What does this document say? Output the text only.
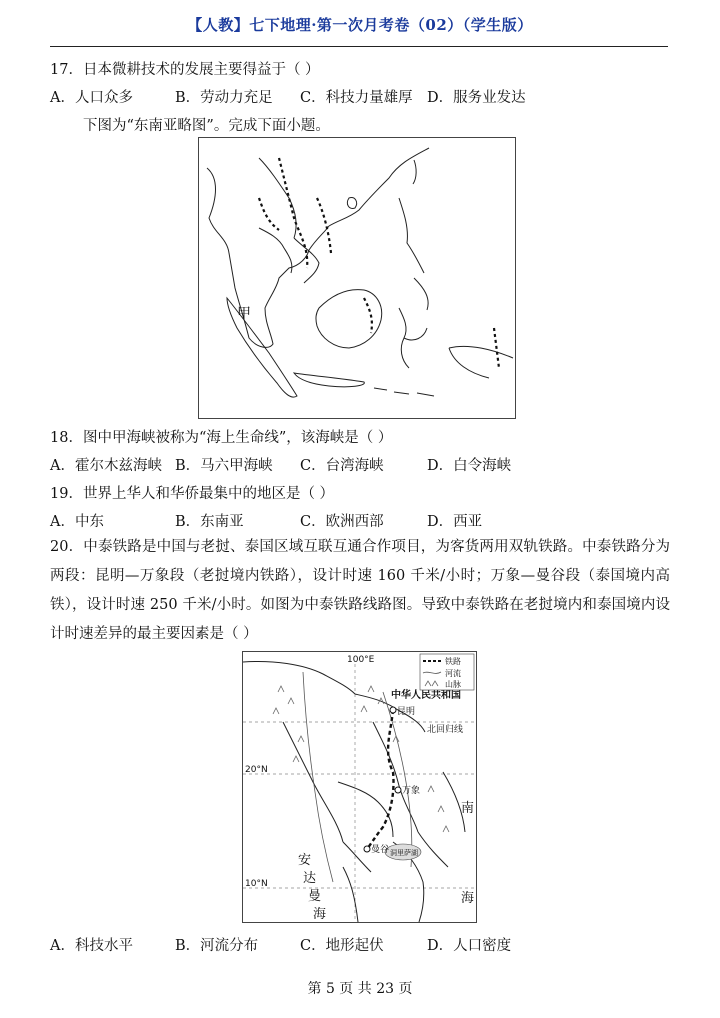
【人教】七下地理·第一次月考卷（02）（学生版）
17．日本微耕技术的发展主要得益于（ ）
A．人口众多	B．劳动力充足 C．科技力量雄厚 D．服务业发达
下图为“东南亚略图”。完成下面小题。
甲
18．图中甲海峡被称为“海上生命线”，该海峡是（ ）
A．霍尔木兹海峡 B．马六甲海峡 C．台湾海峡	D．白令海峡
19．世界上华人和华侨最集中的地区是（ ）
A．中东	B．东南亚	C．欧洲西部	D．西亚
20．中泰铁路是中国与老挝、泰国区域互联互通合作项目，为客货两用双轨铁路。中泰铁路分为两段：昆明—万象段（老挝境内铁路），设计时速 160 千米/小时；万象—曼谷段（泰国境内高铁），设计时速 250 千米/小时。如图为中泰铁路线路图。导致中泰铁路在老挝境内和泰国境内设计时速差异的最主要因素是（ ）
100°E
20°N
10°N
中华人民共和国
昆明
北回归线
万象
曼谷 洞里萨湖
安
达
曼
海
南
海
铁路
河流
山脉
A．科技水平	B．河流分布	C．地形起伏	D．人口密度
第 5 页 共 23 页
